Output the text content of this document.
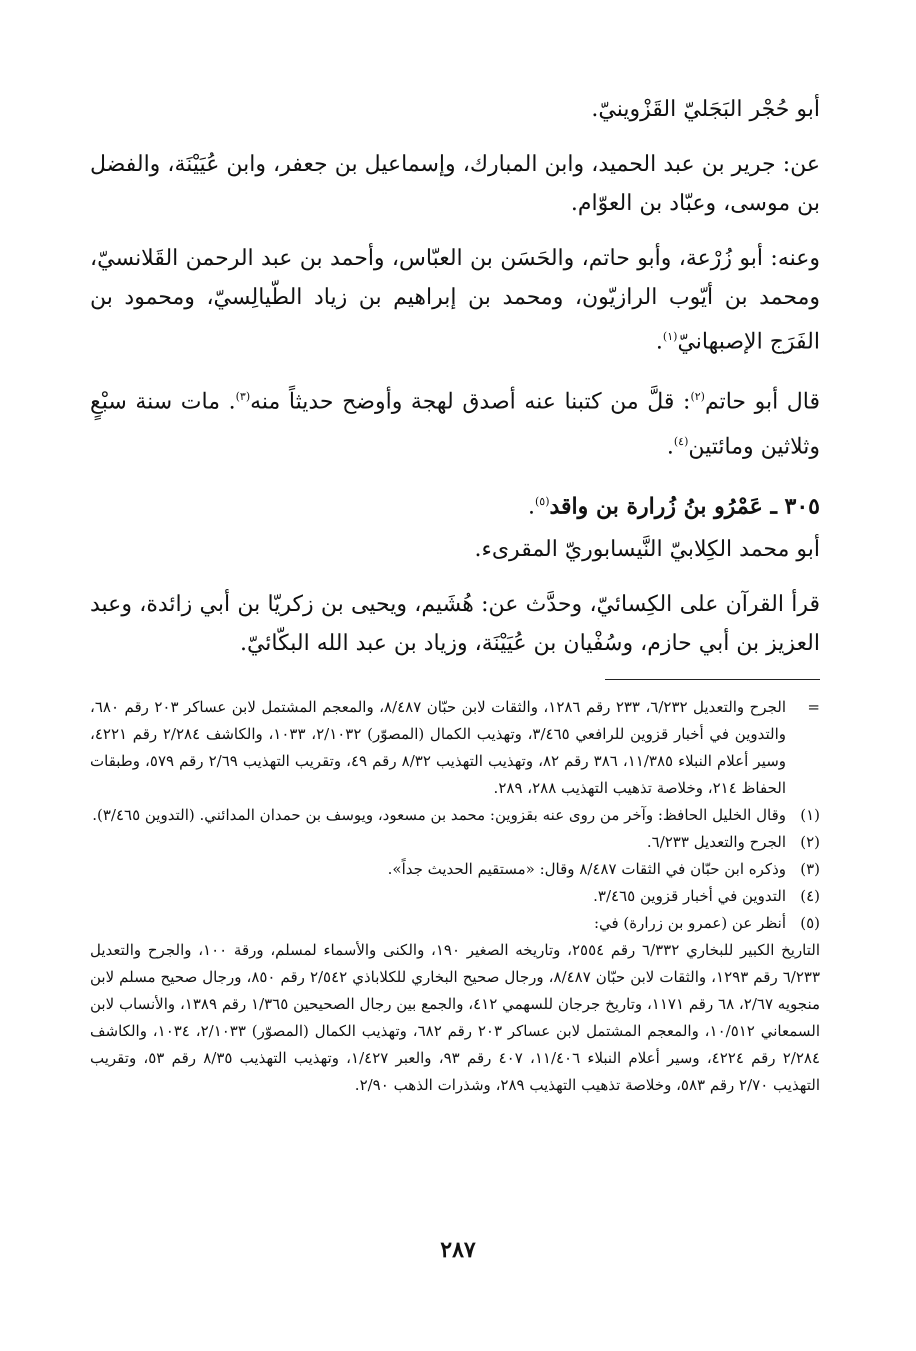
أبو حُجْر البَجَليّ القَزْوينيّ.

عن: جرير بن عبد الحميد، وابن المبارك، وإسماعيل بن جعفر، وابن عُيَيْنَة، والفضل بن موسى، وعبّاد بن العوّام.

وعنه: أبو زُرْعة، وأبو حاتم، والحَسَن بن العبّاس، وأحمد بن عبد الرحمن القَلانسيّ، ومحمد بن أيّوب الرازيّون، ومحمد بن إبراهيم بن زياد الطّيالِسيّ، ومحمود بن الفَرَج الإصبهانيّ$^{(١)}$.

قال أبو حاتم$^{(٢)}$: قلَّ من كتبنا عنه أصدق لهجة وأوضح حديثاً منه$^{(٣)}$. مات سنة سبْعٍ وثلاثين ومائتين$^{(٤)}$.

٣٠٥ ـ عَمْرُو بنُ زُرارة بن واقد$^{(٥)}$.

أبو محمد الكِلابيّ النَّيسابوريّ المقرىء.

قرأ القرآن على الكِسائيّ، وحدَّث عن: هُشَيم، ويحيى بن زكريّا بن أبي زائدة، وعبد العزيز بن أبي حازم، وسُفْيان بن عُيَيْنَة، وزياد بن عبد الله البكّائيّ.

=
الجرح والتعديل ٦/٢٣٢، ٢٣٣ رقم ١٢٨٦، والثقات لابن حبّان ٨/٤٨٧، والمعجم المشتمل لابن عساكر ٢٠٣ رقم ٦٨٠، والتدوين في أخبار قزوين للرافعي ٣/٤٦٥، وتهذيب الكمال (المصوّر) ٢/١٠٣٢، ١٠٣٣، والكاشف ٢/٢٨٤ رقم ٤٢٢١، وسير أعلام النبلاء ١١/٣٨٥، ٣٨٦ رقم ٨٢، وتهذيب التهذيب ٨/٣٢ رقم ٤٩، وتقريب التهذيب ٢/٦٩ رقم ٥٧٩، وطبقات الحفاظ ٢١٤، وخلاصة تذهيب التهذيب ٢٨٨، ٢٨٩.
(١)
وقال الخليل الحافظ: وآخر من روى عنه بقزوين: محمد بن مسعود، ويوسف بن حمدان المدائني. (التدوين ٣/٤٦٥).
(٢)
الجرح والتعديل ٦/٢٣٣.
(٣)
وذكره ابن حبّان في الثقات ٨/٤٨٧ وقال: «مستقيم الحديث جداً».
(٤)
التدوين في أخبار قزوين ٣/٤٦٥.
(٥)
أنظر عن (عمرو بن زرارة) في:
التاريخ الكبير للبخاري ٦/٣٣٢ رقم ٢٥٥٤، وتاريخه الصغير ١٩٠، والكنى والأسماء لمسلم، ورقة ١٠٠، والجرح والتعديل ٦/٢٣٣ رقم ١٢٩٣، والثقات لابن حبّان ٨/٤٨٧، ورجال صحيح البخاري للكلاباذي ٢/٥٤٢ رقم ٨٥٠، ورجال صحيح مسلم لابن منجويه ٢/٦٧، ٦٨ رقم ١١٧١، وتاريخ جرجان للسهمي ٤١٢، والجمع بين رجال الصحيحين ١/٣٦٥ رقم ١٣٨٩، والأنساب لابن السمعاني ١٠/٥١٢، والمعجم المشتمل لابن عساكر ٢٠٣ رقم ٦٨٢، وتهذيب الكمال (المصوّر) ٢/١٠٣٣، ١٠٣٤، والكاشف ٢/٢٨٤ رقم ٤٢٢٤، وسير أعلام النبلاء ١١/٤٠٦، ٤٠٧ رقم ٩٣، والعبر ١/٤٢٧، وتهذيب التهذيب ٨/٣٥ رقم ٥٣، وتقريب التهذيب ٢/٧٠ رقم ٥٨٣، وخلاصة تذهيب التهذيب ٢٨٩، وشذرات الذهب ٢/٩٠.
٢٨٧
